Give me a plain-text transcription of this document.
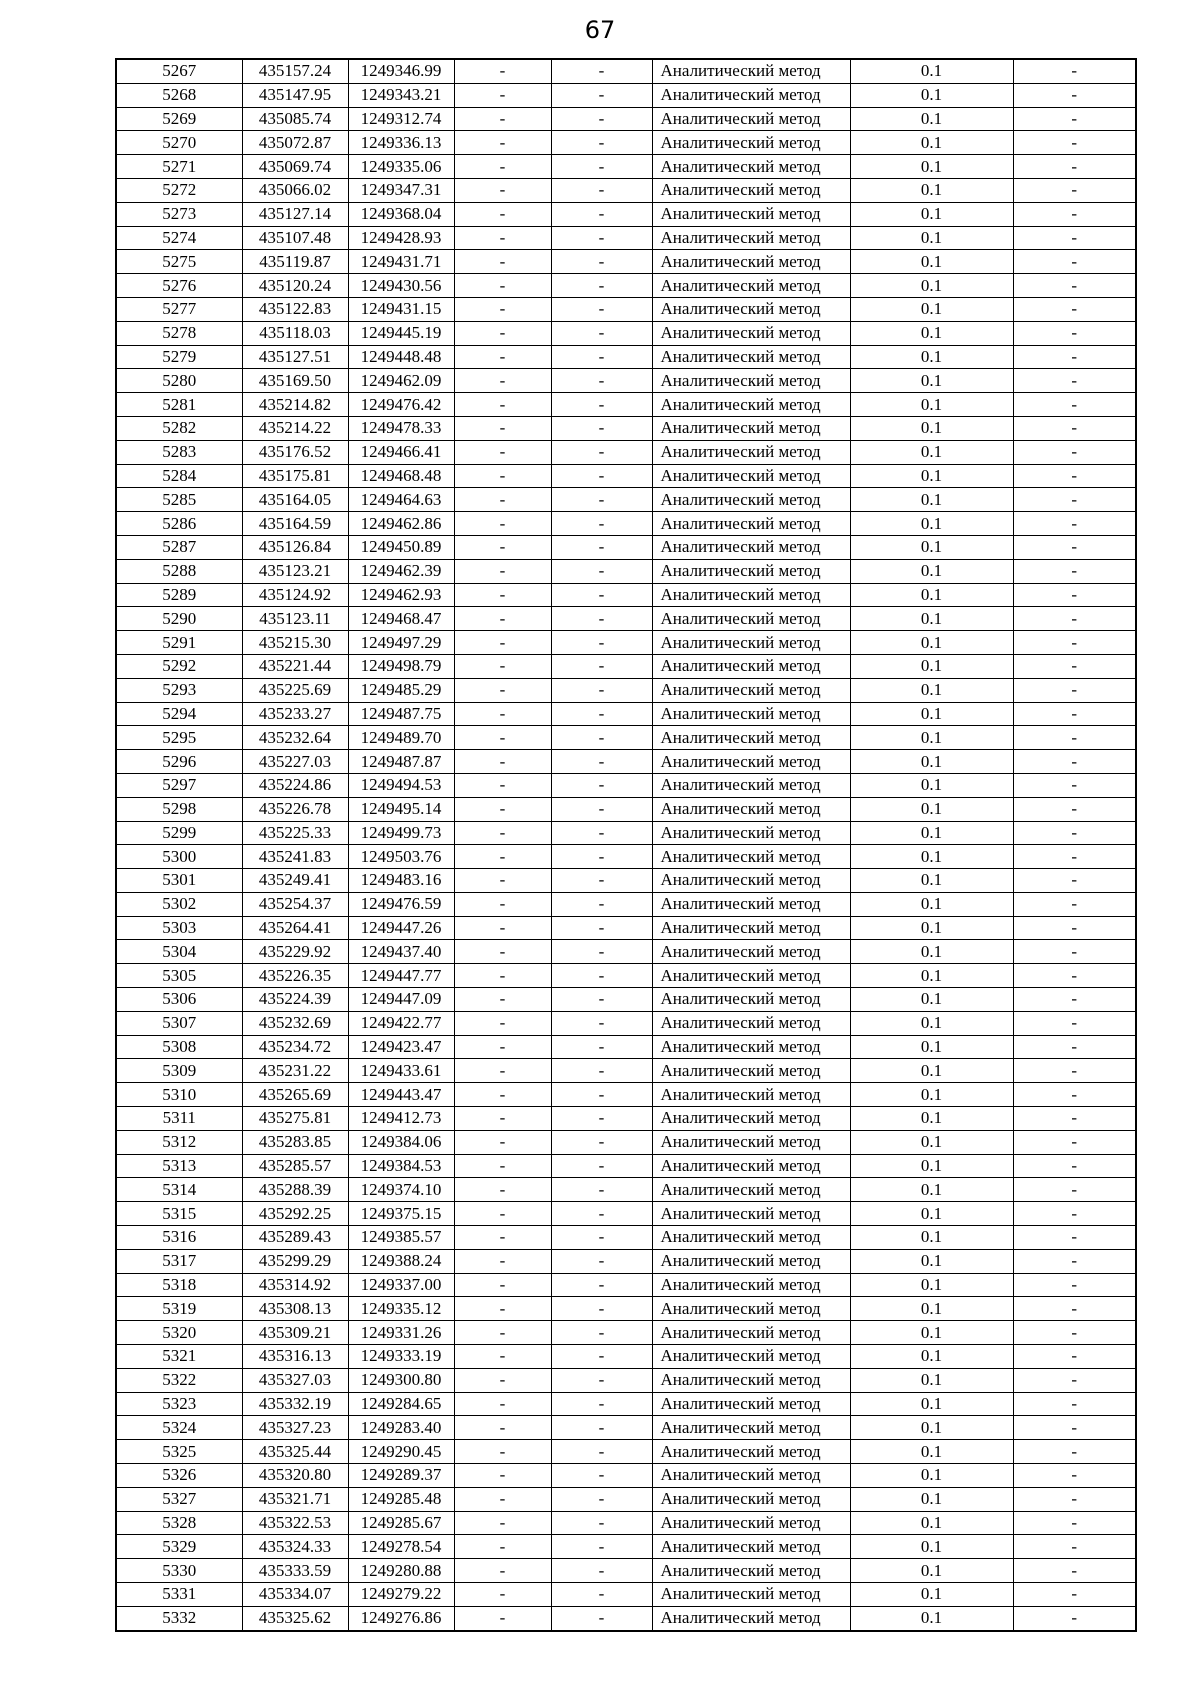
67
5267	435157.24	1249346.99	-	-	Аналитический метод	0.1	-
5268	435147.95	1249343.21	-	-	Аналитический метод	0.1	-
5269	435085.74	1249312.74	-	-	Аналитический метод	0.1	-
5270	435072.87	1249336.13	-	-	Аналитический метод	0.1	-
5271	435069.74	1249335.06	-	-	Аналитический метод	0.1	-
5272	435066.02	1249347.31	-	-	Аналитический метод	0.1	-
5273	435127.14	1249368.04	-	-	Аналитический метод	0.1	-
5274	435107.48	1249428.93	-	-	Аналитический метод	0.1	-
5275	435119.87	1249431.71	-	-	Аналитический метод	0.1	-
5276	435120.24	1249430.56	-	-	Аналитический метод	0.1	-
5277	435122.83	1249431.15	-	-	Аналитический метод	0.1	-
5278	435118.03	1249445.19	-	-	Аналитический метод	0.1	-
5279	435127.51	1249448.48	-	-	Аналитический метод	0.1	-
5280	435169.50	1249462.09	-	-	Аналитический метод	0.1	-
5281	435214.82	1249476.42	-	-	Аналитический метод	0.1	-
5282	435214.22	1249478.33	-	-	Аналитический метод	0.1	-
5283	435176.52	1249466.41	-	-	Аналитический метод	0.1	-
5284	435175.81	1249468.48	-	-	Аналитический метод	0.1	-
5285	435164.05	1249464.63	-	-	Аналитический метод	0.1	-
5286	435164.59	1249462.86	-	-	Аналитический метод	0.1	-
5287	435126.84	1249450.89	-	-	Аналитический метод	0.1	-
5288	435123.21	1249462.39	-	-	Аналитический метод	0.1	-
5289	435124.92	1249462.93	-	-	Аналитический метод	0.1	-
5290	435123.11	1249468.47	-	-	Аналитический метод	0.1	-
5291	435215.30	1249497.29	-	-	Аналитический метод	0.1	-
5292	435221.44	1249498.79	-	-	Аналитический метод	0.1	-
5293	435225.69	1249485.29	-	-	Аналитический метод	0.1	-
5294	435233.27	1249487.75	-	-	Аналитический метод	0.1	-
5295	435232.64	1249489.70	-	-	Аналитический метод	0.1	-
5296	435227.03	1249487.87	-	-	Аналитический метод	0.1	-
5297	435224.86	1249494.53	-	-	Аналитический метод	0.1	-
5298	435226.78	1249495.14	-	-	Аналитический метод	0.1	-
5299	435225.33	1249499.73	-	-	Аналитический метод	0.1	-
5300	435241.83	1249503.76	-	-	Аналитический метод	0.1	-
5301	435249.41	1249483.16	-	-	Аналитический метод	0.1	-
5302	435254.37	1249476.59	-	-	Аналитический метод	0.1	-
5303	435264.41	1249447.26	-	-	Аналитический метод	0.1	-
5304	435229.92	1249437.40	-	-	Аналитический метод	0.1	-
5305	435226.35	1249447.77	-	-	Аналитический метод	0.1	-
5306	435224.39	1249447.09	-	-	Аналитический метод	0.1	-
5307	435232.69	1249422.77	-	-	Аналитический метод	0.1	-
5308	435234.72	1249423.47	-	-	Аналитический метод	0.1	-
5309	435231.22	1249433.61	-	-	Аналитический метод	0.1	-
5310	435265.69	1249443.47	-	-	Аналитический метод	0.1	-
5311	435275.81	1249412.73	-	-	Аналитический метод	0.1	-
5312	435283.85	1249384.06	-	-	Аналитический метод	0.1	-
5313	435285.57	1249384.53	-	-	Аналитический метод	0.1	-
5314	435288.39	1249374.10	-	-	Аналитический метод	0.1	-
5315	435292.25	1249375.15	-	-	Аналитический метод	0.1	-
5316	435289.43	1249385.57	-	-	Аналитический метод	0.1	-
5317	435299.29	1249388.24	-	-	Аналитический метод	0.1	-
5318	435314.92	1249337.00	-	-	Аналитический метод	0.1	-
5319	435308.13	1249335.12	-	-	Аналитический метод	0.1	-
5320	435309.21	1249331.26	-	-	Аналитический метод	0.1	-
5321	435316.13	1249333.19	-	-	Аналитический метод	0.1	-
5322	435327.03	1249300.80	-	-	Аналитический метод	0.1	-
5323	435332.19	1249284.65	-	-	Аналитический метод	0.1	-
5324	435327.23	1249283.40	-	-	Аналитический метод	0.1	-
5325	435325.44	1249290.45	-	-	Аналитический метод	0.1	-
5326	435320.80	1249289.37	-	-	Аналитический метод	0.1	-
5327	435321.71	1249285.48	-	-	Аналитический метод	0.1	-
5328	435322.53	1249285.67	-	-	Аналитический метод	0.1	-
5329	435324.33	1249278.54	-	-	Аналитический метод	0.1	-
5330	435333.59	1249280.88	-	-	Аналитический метод	0.1	-
5331	435334.07	1249279.22	-	-	Аналитический метод	0.1	-
5332	435325.62	1249276.86	-	-	Аналитический метод	0.1	-
